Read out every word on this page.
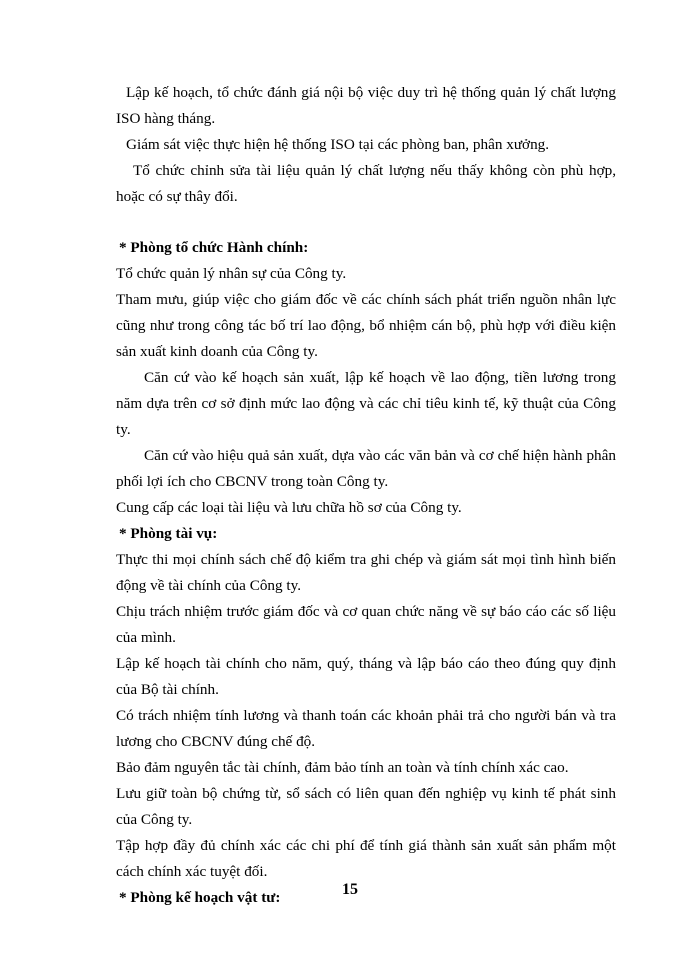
Lập kế hoạch, tổ chức đánh giá nội bộ việc duy trì hệ thống quản lý chất lượng ISO hàng tháng.

Giám sát việc thực hiện hệ thống ISO tại các phòng ban, phân xưởng.

Tổ chức chỉnh sửa tài liệu quản lý chất lượng nếu thấy không còn phù hợp, hoặc có sự thây đổi.

* Phòng tổ chức Hành chính:

Tổ chức quản lý nhân sự của Công ty.

Tham mưu, giúp việc cho giám đốc về các chính sách phát triển nguồn nhân lực cũng như trong công tác bố trí lao động, bổ nhiệm cán bộ, phù hợp với điều kiện sản xuất kinh doanh của Công ty.

Căn cứ vào kế hoạch sản xuất, lập kế hoạch về lao động, tiền lương trong năm dựa trên cơ sở định mức lao động và các chỉ tiêu kinh tế, kỹ thuật của Công ty.

Căn cứ vào hiệu quả sản xuất, dựa vào các văn bản và cơ chế hiện hành phân phối lợi ích cho CBCNV trong toàn Công ty.

Cung cấp các loại tài liệu và lưu chữa hồ sơ của Công ty.

* Phòng tài vụ:

Thực thi mọi chính sách chế độ kiểm tra ghi chép và giám sát mọi tình hình biến động về tài chính của Công ty.

Chịu trách nhiệm trước giám đốc và cơ quan chức năng về sự báo cáo các số liệu của mình.

Lập kế hoạch tài chính cho năm, quý, tháng và lập báo cáo theo đúng quy định của Bộ tài chính.

Có trách nhiệm tính lương và thanh toán các khoản phải trả cho người bán và tra lương cho CBCNV đúng chế độ.

Bảo đảm nguyên tắc tài chính, đảm bảo tính an toàn và tính chính xác cao.

Lưu giữ toàn bộ chứng từ, sổ sách có liên quan đến nghiệp vụ kinh tế phát sinh của Công ty.

Tập hợp đầy đủ chính xác các chi phí để tính giá thành sản xuất sản phẩm một cách chính xác tuyệt đối.

* Phòng kế hoạch vật tư:	15
